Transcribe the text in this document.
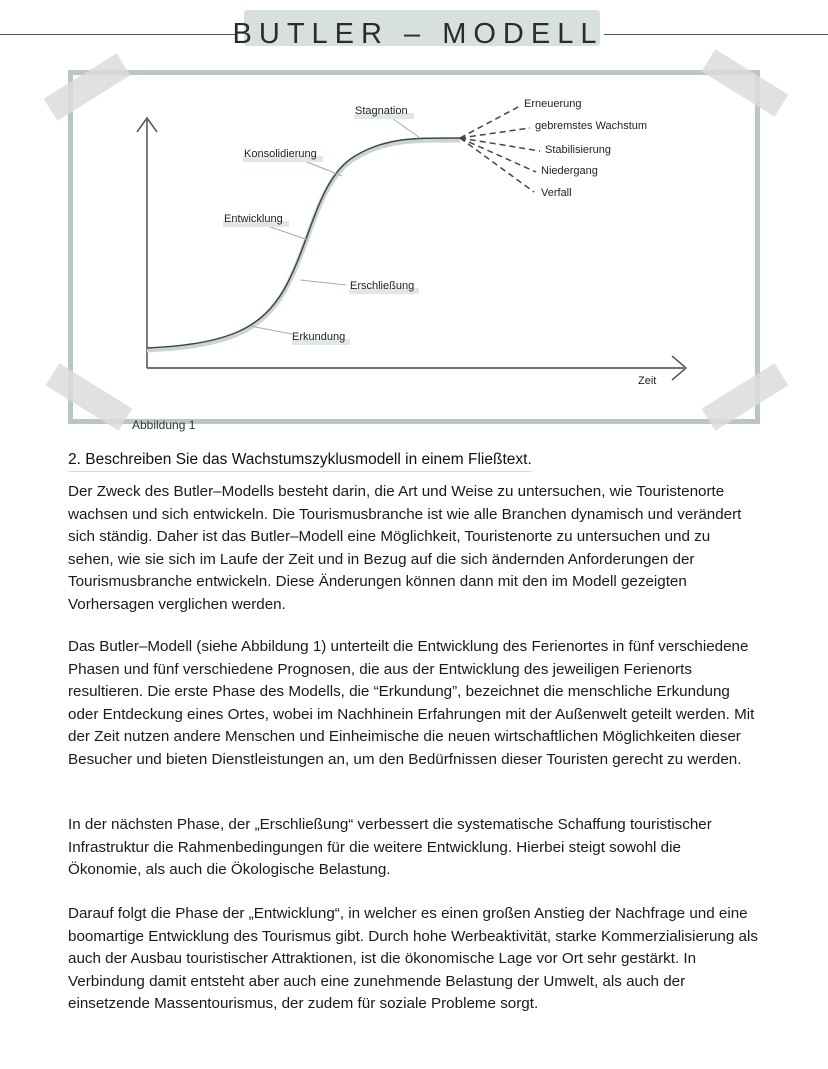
BUTLER – MODELL
Zeit
Erkundung
Erschließung
Entwicklung
Konsolidierung
Stagnation
Erneuerung
gebremstes Wachstum
Stabilisierung
Niedergang
Verfall
Abbildung 1
2. Beschreiben Sie das Wachstumszyklusmodell in einem Fließtext.

Der Zweck des Butler–Modells besteht darin, die Art und Weise zu untersuchen, wie Touristenorte wachsen und sich entwickeln. Die Tourismusbranche ist wie alle Branchen dynamisch und verändert sich ständig. Daher ist das Butler–Modell eine Möglichkeit, Touristenorte zu untersuchen und zu sehen, wie sie sich im Laufe der Zeit und in Bezug auf die sich ändernden Anforderungen der Tourismusbranche entwickeln. Diese Änderungen können dann mit den im Modell gezeigten Vorhersagen verglichen werden.

Das Butler–Modell (siehe Abbildung 1) unterteilt die Entwicklung des Ferienortes in fünf verschiedene Phasen und fünf verschiedene Prognosen, die aus der Entwicklung des jeweiligen Ferienorts resultieren. Die erste Phase des Modells, die “Erkundung”, bezeichnet die menschliche Erkundung oder Entdeckung eines Ortes, wobei im Nachhinein Erfahrungen mit der Außenwelt geteilt werden. Mit der Zeit nutzen andere Menschen und Einheimische die neuen wirtschaftlichen Möglichkeiten dieser Besucher und bieten Dienstleistungen an, um den Bedürfnissen dieser Touristen gerecht zu werden.

In der nächsten Phase, der „Erschließung“ verbessert die systematische Schaffung touristischer Infrastruktur die Rahmenbedingungen für die weitere Entwicklung. Hierbei steigt sowohl die Ökonomie, als auch die Ökologische Belastung.

Darauf folgt die Phase der „Entwicklung“, in welcher es einen großen Anstieg der Nachfrage und eine boomartige Entwicklung des Tourismus gibt. Durch hohe Werbeaktivität, starke Kommerzialisierung als auch der Ausbau touristischer Attraktionen, ist die ökonomische Lage vor Ort sehr gestärkt. In Verbindung damit entsteht aber auch eine zunehmende Belastung der Umwelt, als auch der einsetzende Massentourismus, der zudem für soziale Probleme sorgt.
